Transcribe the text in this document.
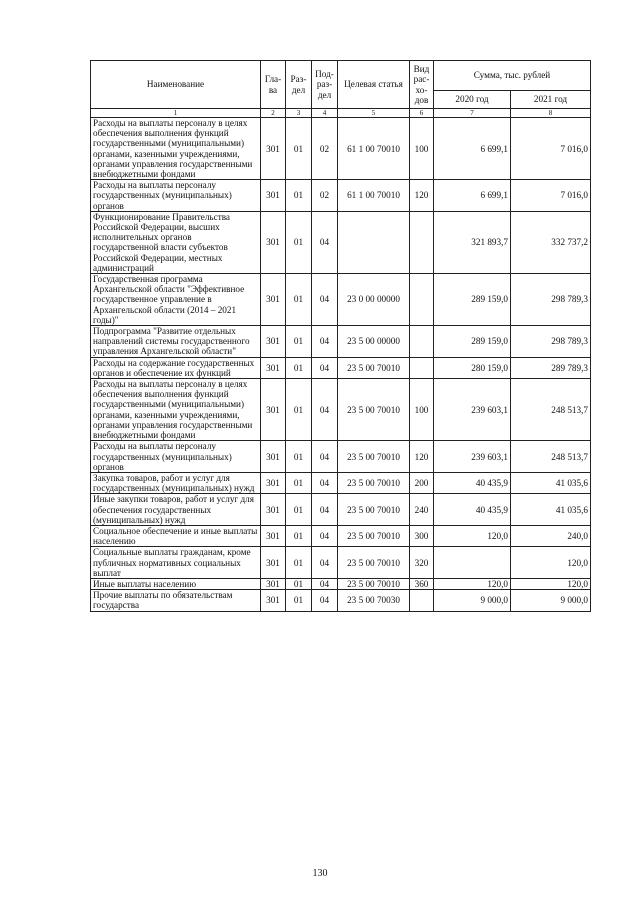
Наименование	Гла-ва	Раз-дел	Под-раз-дел	Целевая статья	Вид рас-хо-дов	Сумма, тыс. рублей	
						2020 год	2021 год
1	2	3	4	5	6	7	8
Расходы на выплаты персоналу в целях обеспечения выполнения функций государственными (муниципальными) органами, казенными учреждениями, органами управления государственными внебюджетными фондами	301	01	02	61 1 00 70010	100	6 699,1	7 016,0
Расходы на выплаты персоналу государственных (муниципальных) органов	301	01	02	61 1 00 70010	120	6 699,1	7 016,0
Функционирование Правительства Российской Федерации, высших исполнительных органов государственной власти субъектов Российской Федерации, местных администраций	301	01	04			321 893,7	332 737,2
Государственная программа Архангельской области "Эффективное государственное управление в Архангельской области (2014 – 2021 годы)"	301	01	04	23 0 00 00000		289 159,0	298 789,3
Подпрограмма "Развитие отдельных направлений системы государственного управления Архангельской области"	301	01	04	23 5 00 00000		289 159,0	298 789,3
Расходы на содержание государственных органов и обеспечение их функций	301	01	04	23 5 00 70010		280 159,0	289 789,3
Расходы на выплаты персоналу в целях обеспечения выполнения функций государственными (муниципальными) органами, казенными учреждениями, органами управления государственными внебюджетными фондами	301	01	04	23 5 00 70010	100	239 603,1	248 513,7
Расходы на выплаты персоналу государственных (муниципальных) органов	301	01	04	23 5 00 70010	120	239 603,1	248 513,7
Закупка товаров, работ и услуг для государственных (муниципальных) нужд	301	01	04	23 5 00 70010	200	40 435,9	41 035,6
Иные закупки товаров, работ и услуг для обеспечения государственных (муниципальных) нужд	301	01	04	23 5 00 70010	240	40 435,9	41 035,6
Социальное обеспечение и иные выплаты населению	301	01	04	23 5 00 70010	300	120,0	240,0
Социальные выплаты гражданам, кроме публичных нормативных социальных выплат	301	01	04	23 5 00 70010	320		120,0
Иные выплаты населению	301	01	04	23 5 00 70010	360	120,0	120,0
Прочие выплаты по обязательствам государства	301	01	04	23 5 00 70030		9 000,0	9 000,0
130
